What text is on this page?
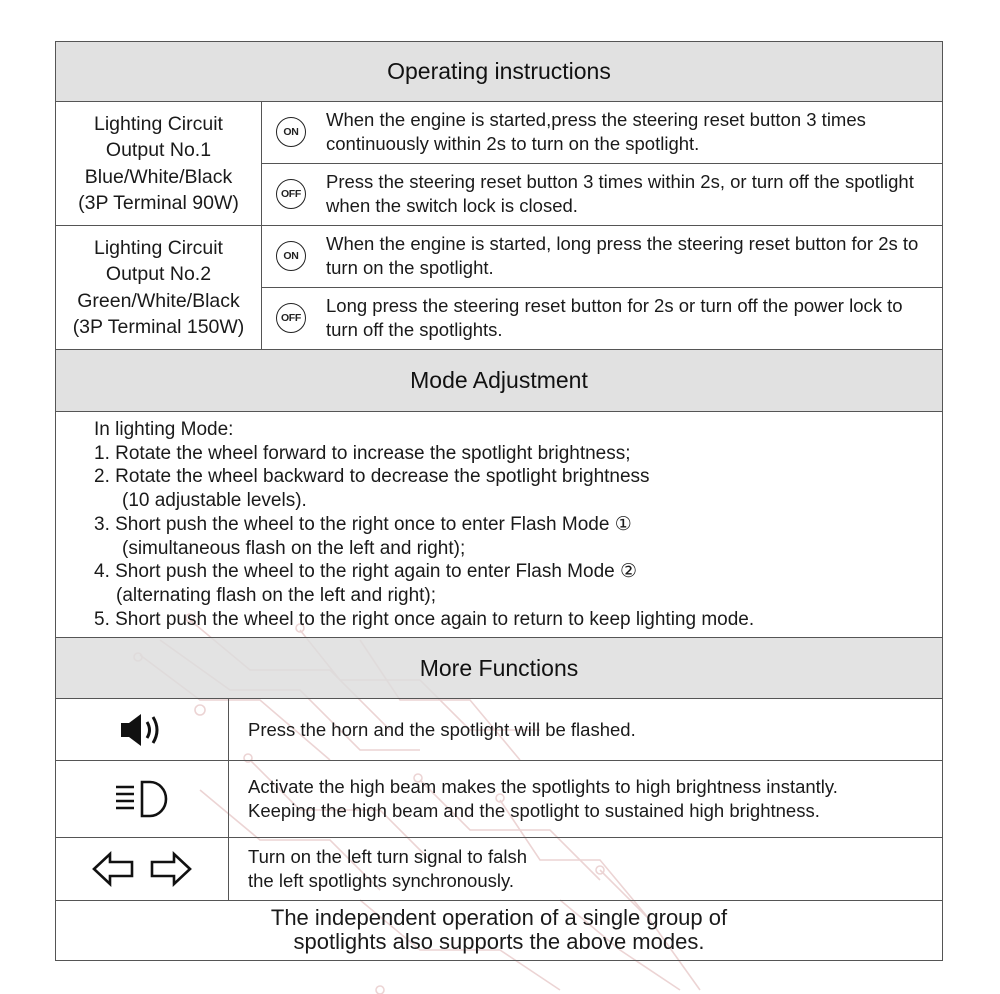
Operating instructions
Lighting Circuit
Output No.1
Blue/White/Black
(3P Terminal 90W)
ON
When the engine is started,press the steering reset button 3 times continuously within 2s to turn on the spotlight.
OFF
Press the steering reset button 3 times within 2s, or turn off the spotlight when the switch lock is closed.
Lighting Circuit
Output No.2
Green/White/Black
(3P Terminal 150W)
ON
When the engine is started, long press the steering reset button for 2s to turn on the spotlight.
OFF
Long press the steering reset button for 2s or turn off the power lock to turn off the spotlights.
Mode Adjustment
In lighting Mode:
1. Rotate the wheel forward to increase the spotlight brightness;
2. Rotate the wheel backward to decrease the spotlight brightness
(10 adjustable levels).
3. Short push the wheel to the right once to enter Flash Mode ①
(simultaneous flash on the left and right);
4. Short push the wheel to the right again to enter Flash Mode ②
(alternating flash on the left and right);
5. Short push the wheel to the right once again to return to keep lighting mode.
More Functions
Press the horn and the spotlight will be flashed.
Activate the high beam makes the spotlights to high brightness instantly.
Keeping the high beam and the spotlight to sustained high brightness.
Turn on the left turn signal to falsh
the left spotlights synchronously.
The independent operation of a single group of
spotlights also supports the above modes.
